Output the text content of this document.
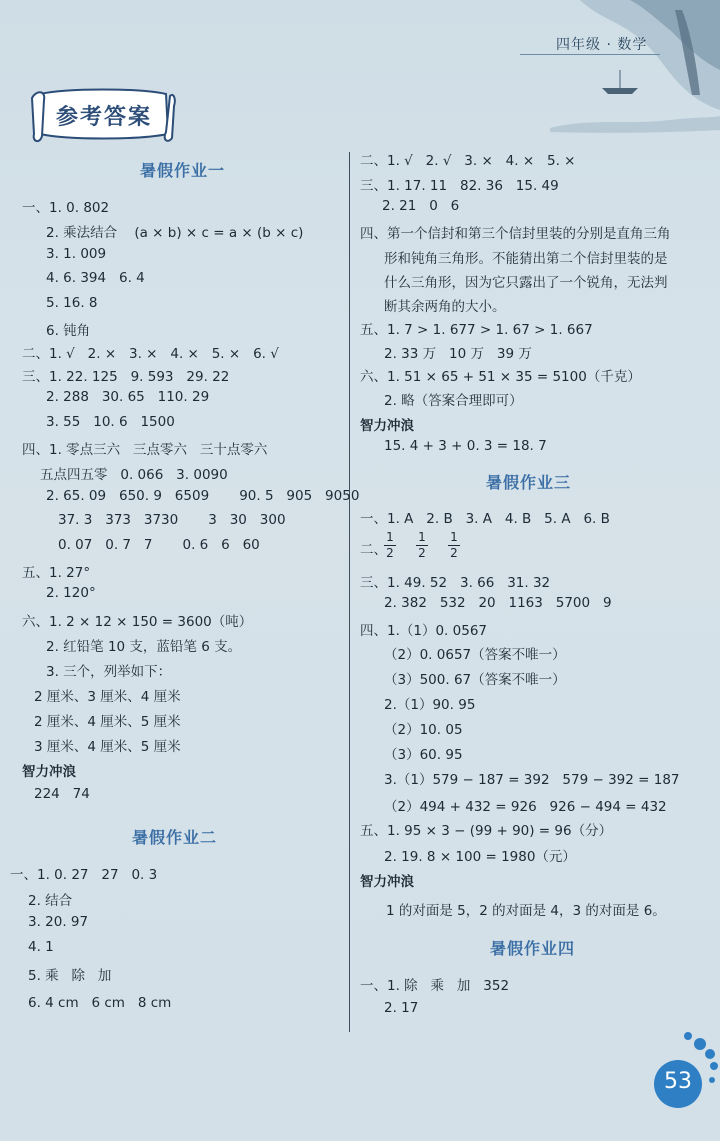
四年级 · 数学
参考答案
暑假作业一
一、1. 0. 802
2. 乘法结合    (a × b) × c = a × (b × c)
3. 1. 009
4. 6. 394   6. 4
5. 16. 8
6. 钝角
二、1. √   2. ×   3. ×   4. ×   5. ×   6. √
三、1. 22. 125   9. 593   29. 22
2. 288   30. 65   110. 29
3. 55   10. 6   1500
四、1. 零点三六   三点零六   三十点零六
五点四五零   0. 066   3. 0090
2. 65. 09   650. 9   6509       90. 5   905   9050
37. 3   373   3730       3   30   300
0. 07   0. 7   7       0. 6   6   60
五、1. 27°
2. 120°
六、1. 2 × 12 × 150 = 3600（吨）
2. 红铅笔 10 支，蓝铅笔 6 支。
3. 三个，列举如下：
2 厘米、3 厘米、4 厘米
2 厘米、4 厘米、5 厘米
3 厘米、4 厘米、5 厘米
智力冲浪
224   74
暑假作业二
一、1. 0. 27   27   0. 3
2. 结合
3. 20. 97
4. 1
5. 乘   除   加
6. 4 cm   6 cm   8 cm
二、1. √   2. √   3. ×   4. ×   5. ×
三、1. 17. 11   82. 36   15. 49
2. 21   0   6
四、第一个信封和第三个信封里装的分别是直角三角
形和钝角三角形。不能猜出第二个信封里装的是
什么三角形，因为它只露出了一个锐角，无法判
断其余两角的大小。
五、1. 7 > 1. 677 > 1. 67 > 1. 667
2. 33 万   10 万   39 万
六、1. 51 × 65 + 51 × 35 = 5100（千克）
2. 略（答案合理即可）
智力冲浪
15. 4 + 3 + 0. 3 = 18. 7
暑假作业三
一、1. A   2. B   3. A   4. B   5. A   6. B
二、
$\frac{1}{2} \frac{1}{2} \frac{1}{2}$
三、1. 49. 52   3. 66   31. 32
2. 382   532   20   1163   5700   9
四、1.（1）0. 0567
（2）0. 0657（答案不唯一）
（3）500. 67（答案不唯一）
2.（1）90. 95
（2）10. 05
（3）60. 95
3.（1）579 − 187 = 392   579 − 392 = 187
（2）494 + 432 = 926   926 − 494 = 432
五、1. 95 × 3 − (99 + 90) = 96（分）
2. 19. 8 × 100 = 1980（元）
智力冲浪
1 的对面是 5，2 的对面是 4，3 的对面是 6。
暑假作业四
一、1. 除   乘   加   352
2. 17
53
